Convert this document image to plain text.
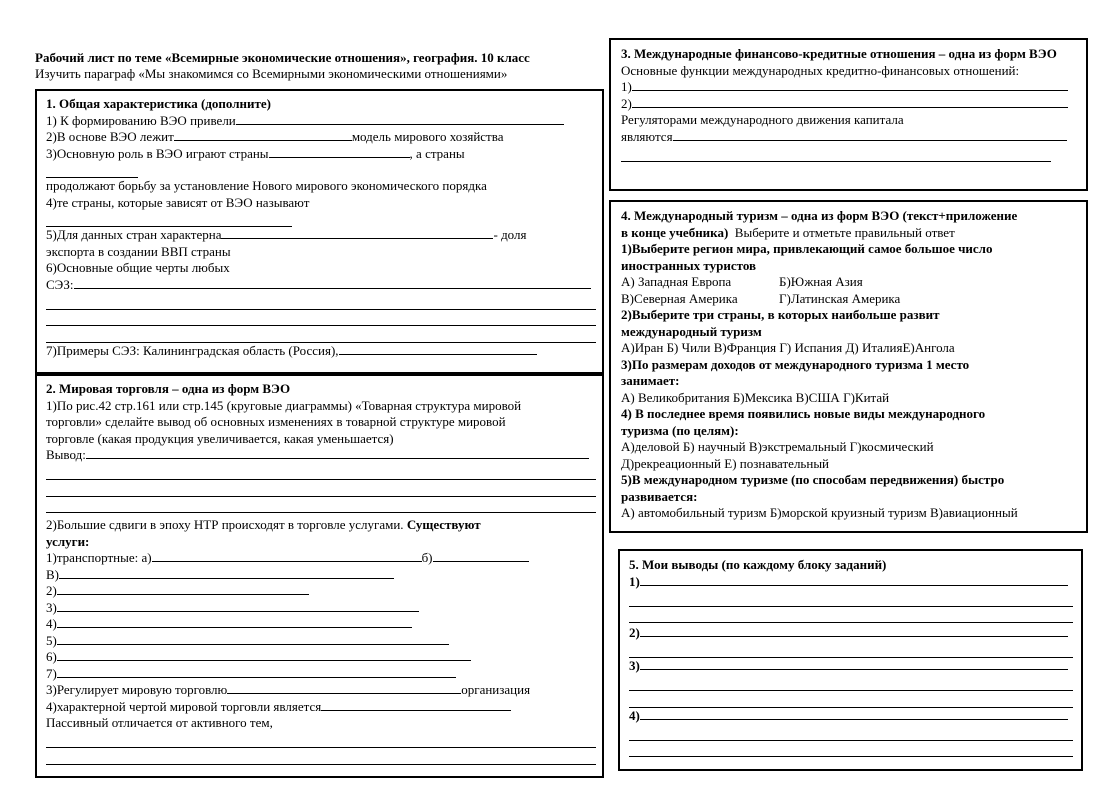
Рабочий лист по теме «Всемирные экономические отношения», география. 10 класс
Изучить параграф «Мы знакомимся со Всемирными экономическими отношениями»
1. Общая характеристика (дополните)
1) К формированию ВЭО привели
2)В основе ВЭО лежит	модель мирового хозяйства
3)Основную роль в ВЭО играют страны	, а страны
продолжают борьбу за установление Нового мирового экономического порядка
4)те страны, которые зависят от ВЭО называют
5)Для данных стран характерна	- доля
экспорта в создании ВВП страны
6)Основные общие черты любых
СЭЗ:
7)Примеры СЭЗ: Калининградская область (Россия),
2. Мировая торговля – одна из форм ВЭО
1)По рис.42 стр.161 или стр.145 (круговые диаграммы) «Товарная структура мировой
торговли» сделайте вывод об основных изменениях в товарной структуре мировой
торговле (какая продукция увеличивается, какая уменьшается)
Вывод:
2)Большие сдвиги в эпоху НТР происходят в торговле услугами. Существуют
услуги:
1)транспортные: а)	б)
В)
2)
3)
4)
5)
6)
7)
3)Регулирует мировую торговлю	организация
4)характерной чертой мировой торговли является
Пассивный отличается от активного тем,
3. Международные финансово-кредитные отношения – одна из форм ВЭО
Основные функции международных кредитно-финансовых отношений:
1)
2)
Регуляторами международного движения капитала
являются
4. Международный туризм – одна из форм ВЭО (текст+приложение
в конце учебника) Выберите и отметьте правильный ответ
1)Выберите регион мира, привлекающий самое большое число
иностранных туристов
А) Западная Европа	Б)Южная Азия
В)Северная Америка	Г)Латинская Америка
2)Выберите три страны, в которых наибольше развит
международный туризм
А)Иран Б) Чили В)Франция Г) Испания Д) ИталияЕ)Ангола
3)По размерам доходов от международного туризма 1 место
занимает:
А) Великобритания Б)Мексика В)США Г)Китай
4) В последнее время появились новые виды международного
туризма (по целям):
А)деловой Б) научный В)экстремальный Г)космический
Д)рекреационный Е) познавательный
5)В международном туризме (по способам передвижения) быстро
развивается:
А) автомобильный туризм Б)морской круизный туризм В)авиационный
5. Мои выводы (по каждому блоку заданий)
1)
2)
3)
4)
